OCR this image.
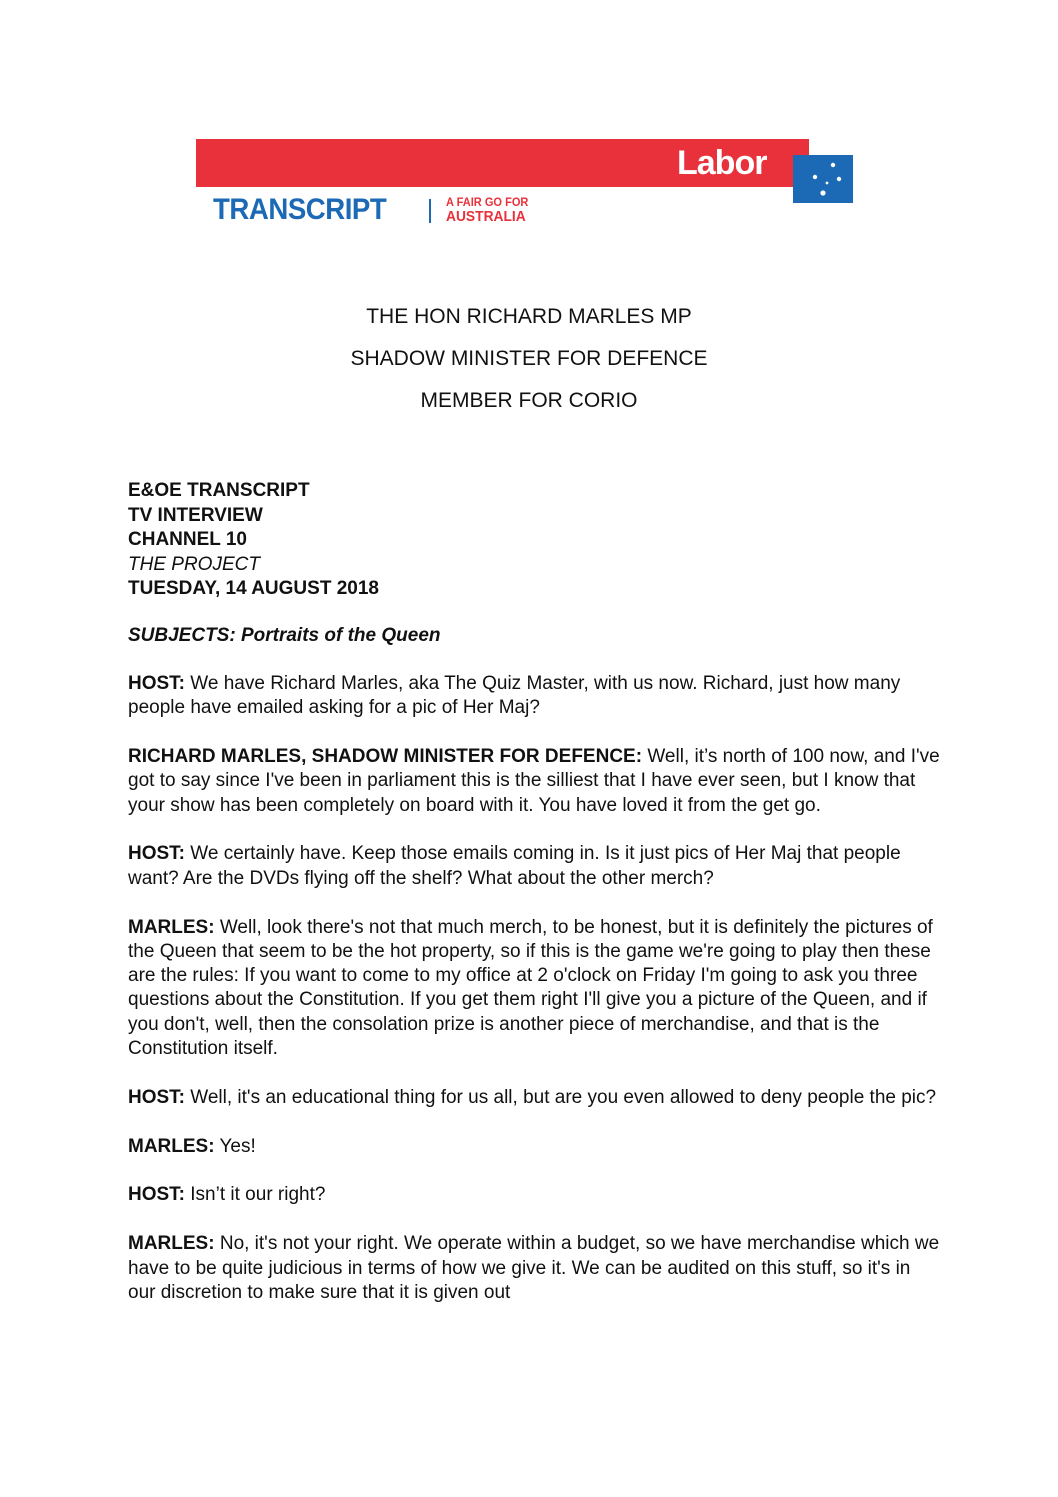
Labor
TRANSCRIPT	A FAIR GO FOR
AUSTRALIA
THE HON RICHARD MARLES MP
SHADOW MINISTER FOR DEFENCE
MEMBER FOR CORIO
E&OE TRANSCRIPT
TV INTERVIEW
CHANNEL 10
THE PROJECT
TUESDAY, 14 AUGUST 2018
SUBJECTS: Portraits of the Queen

HOST: We have Richard Marles, aka The Quiz Master, with us now. Richard, just how many people have emailed asking for a pic of Her Maj?

RICHARD MARLES, SHADOW MINISTER FOR DEFENCE: Well, it’s north of 100 now, and I've got to say since I've been in parliament this is the silliest that I have ever seen, but I know that your show has been completely on board with it. You have loved it from the get go.

HOST: We certainly have. Keep those emails coming in. Is it just pics of Her Maj that people want? Are the DVDs flying off the shelf? What about the other merch?

MARLES: Well, look there's not that much merch, to be honest, but it is definitely the pictures of the Queen that seem to be the hot property, so if this is the game we're going to play then these are the rules: If you want to come to my office at 2 o'clock on Friday I'm going to ask you three questions about the Constitution. If you get them right I'll give you a picture of the Queen, and if you don't, well, then the consolation prize is another piece of merchandise, and that is the Constitution itself.

HOST: Well, it's an educational thing for us all, but are you even allowed to deny people the pic?

MARLES: Yes!

HOST: Isn’t it our right?

MARLES: No, it's not your right. We operate within a budget, so we have merchandise which we have to be quite judicious in terms of how we give it. We can be audited on this stuff, so it's in our discretion to make sure that it is given out
